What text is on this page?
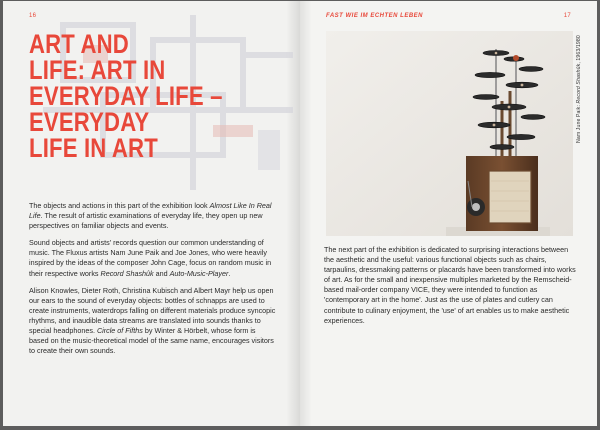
16
ART AND
LIFE: ART IN
EVERYDAY LIFE –
EVERYDAY
LIFE IN ART

The objects and actions in this part of the exhibition look Almost Like In Real Life. The result of artistic examinations of everyday life, they open up new perspectives on familiar objects and events.

Sound objects and artists' records question our common understanding of music. The Fluxus artists Nam June Paik and Joe Jones, who were heavily inspired by the ideas of the composer John Cage, focus on random music in their respective works Record Shashûk and Auto-Music-Player.

Alison Knowles, Dieter Roth, Christina Kubisch and Albert Mayr help us open our ears to the sound of everyday objects: bottles of schnapps are used to create instruments, waterdrops falling on different materials produce syncopic rhythms, and inaudible data streams are translated into sounds thanks to special headphones. Circle of Fifths by Winter & Hörbelt, whose form is based on the music-theoretical model of the same name, encourages visitors to create their own sounds.

FAST WIE IM ECHTEN LEBEN	17
Nam June Paik: Record Shashûk, 1963/1980

The next part of the exhibition is dedicated to surprising interactions between the aesthetic and the useful: various functional objects such as chairs, tarpaulins, dressmaking patterns or placards have been transformed into works of art. As for the small and inexpensive multiples marketed by the Remscheid-based mail-order company VICE, they were intended to function as 'contemporary art in the home'. Just as the use of plates and cutlery can contribute to culinary enjoyment, the 'use' of art enables us to make aesthetic experiences.
